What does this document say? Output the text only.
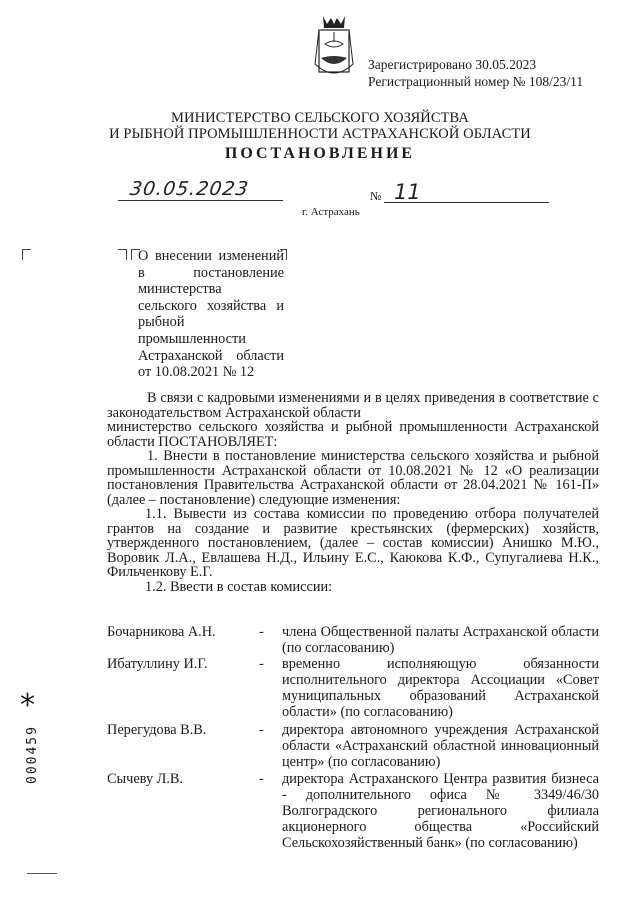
Зарегистрировано 30.05.2023
Регистрационный номер № 108/23/11
МИНИСТЕРСТВО СЕЛЬСКОГО ХОЗЯЙСТВА
И РЫБНОЙ ПРОМЫШЛЕННОСТИ АСТРАХАНСКОЙ ОБЛАСТИ
ПОСТАНОВЛЕНИЕ
30.05.2023	№ 11
г. Астрахань
О внесении изменений в постановление министерства сельского хозяйства и рыбной промышленности Астраханской области от 10.08.2021 № 12

В связи с кадровыми изменениями и в целях приведения в соответствие с законодательством Астраханской области

министерство сельского хозяйства и рыбной промышленности Астраханской области ПОСТАНОВЛЯЕТ:

1. Внести в постановление министерства сельского хозяйства и рыбной промышленности Астраханской области от 10.08.2021 № 12 «О реализации постановления Правительства Астраханской области от 28.04.2021 № 161-П» (далее – постановление) следующие изменения:

1.1. Вывести из состава комиссии по проведению отбора получателей грантов на создание и развитие крестьянских (фермерских) хозяйств, утвержденного постановлением, (далее – состав комиссии) Анишко М.Ю., Воровик Л.А., Евлашева Н.Д., Ильину Е.С., Каюкова К.Ф., Супугалиева Н.К., Фильченкову Е.Г.

1.2. Ввести в состав комиссии:

Бочарникова А.Н.	- члена Общественной палаты Астраханской области (по согласованию)
Ибатуллину И.Г.	- временно исполняющую обязанности исполнительного директора Ассоциации «Совет муниципальных образований Астраханской области» (по согласованию)
Перегудова В.В.	- директора автономного учреждения Астраханской области «Астраханский областной инновационный центр» (по согласованию)
Сычеву Л.В.	- директора Астраханского Центра развития бизнеса - дополнительного офиса № 3349/46/30 Волгоградского регионального филиала акционерного общества «Российский Сельскохозяйственный банк» (по согласованию)
*
000459
